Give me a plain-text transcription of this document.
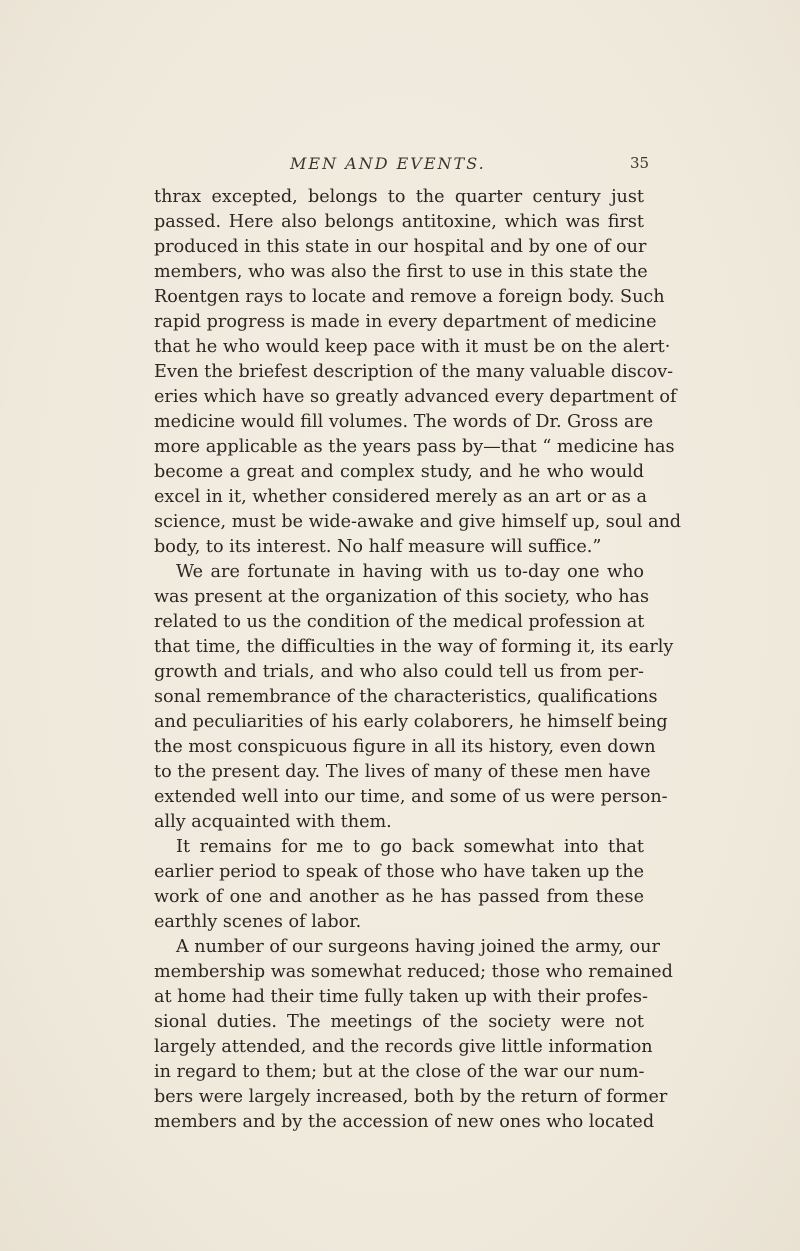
MEN AND EVENTS.	35
thrax excepted, belongs to the quarter century just
passed. Here also belongs antitoxine, which was first
produced in this state in our hospital and by one of our
members, who was also the first to use in this state the
Roentgen rays to locate and remove a foreign body. Such
rapid progress is made in every department of medicine
that he who would keep pace with it must be on the alert·
Even the briefest description of the many valuable discov-
eries which have so greatly advanced every department of
medicine would fill volumes. The words of Dr. Gross are
more applicable as the years pass by—that “ medicine has
become a great and complex study, and he who would
excel in it, whether considered merely as an art or as a
science, must be wide-awake and give himself up, soul and
body, to its interest. No half measure will suffice.”
We are fortunate in having with us to-day one who
was present at the organization of this society, who has
related to us the condition of the medical profession at
that time, the difficulties in the way of forming it, its early
growth and trials, and who also could tell us from per-
sonal remembrance of the characteristics, qualifications
and peculiarities of his early colaborers, he himself being
the most conspicuous figure in all its history, even down
to the present day. The lives of many of these men have
extended well into our time, and some of us were person-
ally acquainted with them.
It remains for me to go back somewhat into that
earlier period to speak of those who have taken up the
work of one and another as he has passed from these
earthly scenes of labor.
A number of our surgeons having joined the army, our
membership was somewhat reduced; those who remained
at home had their time fully taken up with their profes-
sional duties. The meetings of the society were not
largely attended, and the records give little information
in regard to them; but at the close of the war our num-
bers were largely increased, both by the return of former
members and by the accession of new ones who located
